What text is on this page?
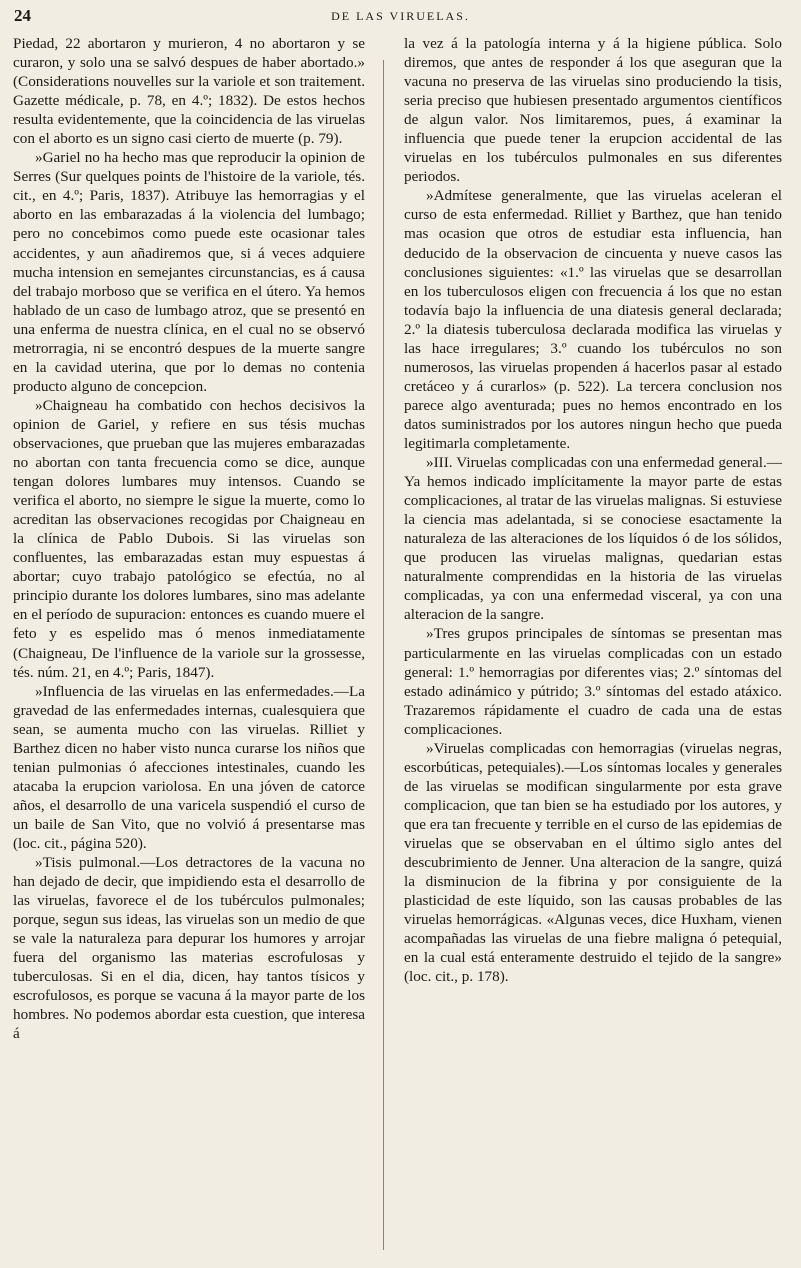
24	DE LAS VIRUELAS.

Piedad, 22 abortaron y murieron, 4 no abortaron y se curaron, y solo una se salvó despues de haber abortado.» (Considerations nouvelles sur la variole et son traitement. Gazette médicale, p. 78, en 4.º; 1832). De estos hechos resulta evidentemente, que la coincidencia de las viruelas con el aborto es un signo casi cierto de muerte (p. 79).

»Gariel no ha hecho mas que reproducir la opinion de Serres (Sur quelques points de l'histoire de la variole, tés. cit., en 4.º; Paris, 1837). Atribuye las hemorragias y el aborto en las embarazadas á la violencia del lumbago; pero no concebimos como puede este ocasionar tales accidentes, y aun añadiremos que, si á veces adquiere mucha intension en semejantes circunstancias, es á causa del trabajo morboso que se verifica en el útero. Ya hemos hablado de un caso de lumbago atroz, que se presentó en una enferma de nuestra clínica, en el cual no se observó metrorragia, ni se encontró despues de la muerte sangre en la cavidad uterina, que por lo demas no contenia producto alguno de concepcion.

»Chaigneau ha combatido con hechos decisivos la opinion de Gariel, y refiere en sus tésis muchas observaciones, que prueban que las mujeres embarazadas no abortan con tanta frecuencia como se dice, aunque tengan dolores lumbares muy intensos. Cuando se verifica el aborto, no siempre le sigue la muerte, como lo acreditan las observaciones recogidas por Chaigneau en la clínica de Pablo Dubois. Si las viruelas son confluentes, las embarazadas estan muy espuestas á abortar; cuyo trabajo patológico se efectúa, no al principio durante los dolores lumbares, sino mas adelante en el período de supuracion: entonces es cuando muere el feto y es espelido mas ó menos inmediatamente (Chaigneau, De l'influence de la variole sur la grossesse, tés. núm. 21, en 4.º; Paris, 1847).

»Influencia de las viruelas en las enfermedades.—La gravedad de las enfermedades internas, cualesquiera que sean, se aumenta mucho con las viruelas. Rilliet y Barthez dicen no haber visto nunca curarse los niños que tenian pulmonias ó afecciones intestinales, cuando les atacaba la erupcion variolosa. En una jóven de catorce años, el desarrollo de una varicela suspendió el curso de un baile de San Vito, que no volvió á presentarse mas (loc. cit., página 520).

»Tisis pulmonal.—Los detractores de la vacuna no han dejado de decir, que impidiendo esta el desarrollo de las viruelas, favorece el de los tubérculos pulmonales; porque, segun sus ideas, las viruelas son un medio de que se vale la naturaleza para depurar los humores y arrojar fuera del organismo las materias escrofulosas y tuberculosas. Si en el dia, dicen, hay tantos tísicos y escrofulosos, es porque se vacuna á la mayor parte de los hombres. No podemos abordar esta cuestion, que interesa á

la vez á la patología interna y á la higiene pública. Solo diremos, que antes de responder á los que aseguran que la vacuna no preserva de las viruelas sino produciendo la tisis, seria preciso que hubiesen presentado argumentos científicos de algun valor. Nos limitaremos, pues, á examinar la influencia que puede tener la erupcion accidental de las viruelas en los tubérculos pulmonales en sus diferentes periodos.

»Admítese generalmente, que las viruelas aceleran el curso de esta enfermedad. Rilliet y Barthez, que han tenido mas ocasion que otros de estudiar esta influencia, han deducido de la observacion de cincuenta y nueve casos las conclusiones siguientes: «1.º las viruelas que se desarrollan en los tuberculosos eligen con frecuencia á los que no estan todavía bajo la influencia de una diatesis general declarada; 2.º la diatesis tuberculosa declarada modifica las viruelas y las hace irregulares; 3.º cuando los tubérculos no son numerosos, las viruelas propenden á hacerlos pasar al estado cretáceo y á curarlos» (p. 522). La tercera conclusion nos parece algo aventurada; pues no hemos encontrado en los datos suministrados por los autores ningun hecho que pueda legitimarla completamente.

»III. Viruelas complicadas con una enfermedad general.—Ya hemos indicado implícitamente la mayor parte de estas complicaciones, al tratar de las viruelas malignas. Si estuviese la ciencia mas adelantada, si se conociese esactamente la naturaleza de las alteraciones de los líquidos ó de los sólidos, que producen las viruelas malignas, quedarian estas naturalmente comprendidas en la historia de las viruelas complicadas, ya con una enfermedad visceral, ya con una alteracion de la sangre.

»Tres grupos principales de síntomas se presentan mas particularmente en las viruelas complicadas con un estado general: 1.º hemorragias por diferentes vias; 2.º síntomas del estado adinámico y pútrido; 3.º síntomas del estado atáxico. Trazaremos rápidamente el cuadro de cada una de estas complicaciones.

»Viruelas complicadas con hemorragias (viruelas negras, escorbúticas, petequiales).—Los síntomas locales y generales de las viruelas se modifican singularmente por esta grave complicacion, que tan bien se ha estudiado por los autores, y que era tan frecuente y terrible en el curso de las epidemias de viruelas que se observaban en el último siglo antes del descubrimiento de Jenner. Una alteracion de la sangre, quizá la disminucion de la fibrina y por consiguiente de la plasticidad de este líquido, son las causas probables de las viruelas hemorrágicas. «Algunas veces, dice Huxham, vienen acompañadas las viruelas de una fiebre maligna ó petequial, en la cual está enteramente destruido el tejido de la sangre» (loc. cit., p. 178).
